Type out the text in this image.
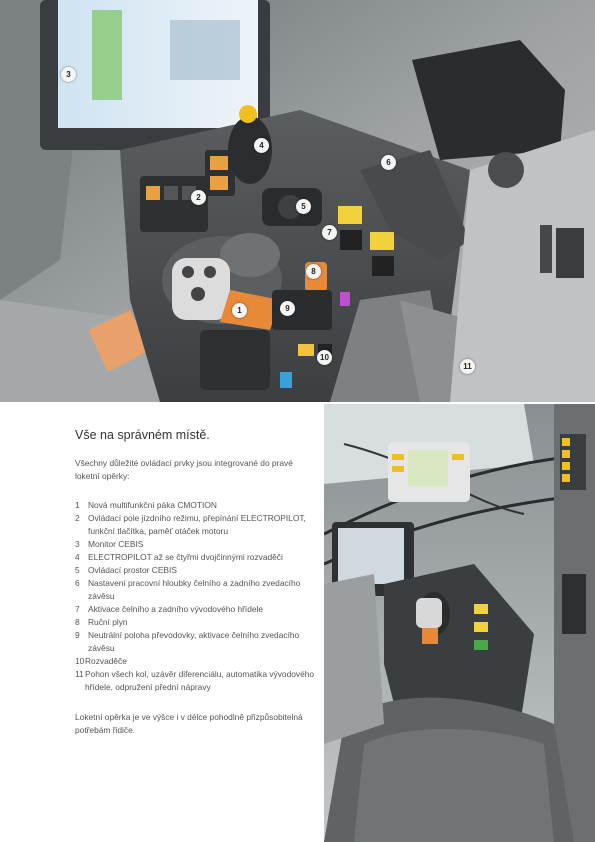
1
2
3
4
5
6
7
8
9
10
11
Vše na správném místě.

Všechny důležité ovládací prvky jsou integrované do pravé loketní opěrky:

1 Nová multifunkční páka CMOTION
2 Ovládací pole jízdního režimu, přepínání ELECTROPILOT, funkční tlačítka, paměť otáček motoru
3 Monitor CEBIS
4 ELECTROPILOT až se čtyřmi dvojčinnými rozvaděči
5 Ovládací prostor CEBIS
6 Nastavení pracovní hloubky čelního a zadního zvedacího závěsu
7 Aktivace čelního a zadního vývodového hřídele
8 Ruční plyn
9 Neutrální poloha převodovky, aktivace čelního zvedacího závěsu
10 Rozvaděče
11 Pohon všech kol, uzávěr diferenciálu, automatika vývodového hřídele, odpružení přední nápravy

Loketní opěrka je ve výšce i v délce pohodlně přizpůsobitelná potřebám řidiče.
